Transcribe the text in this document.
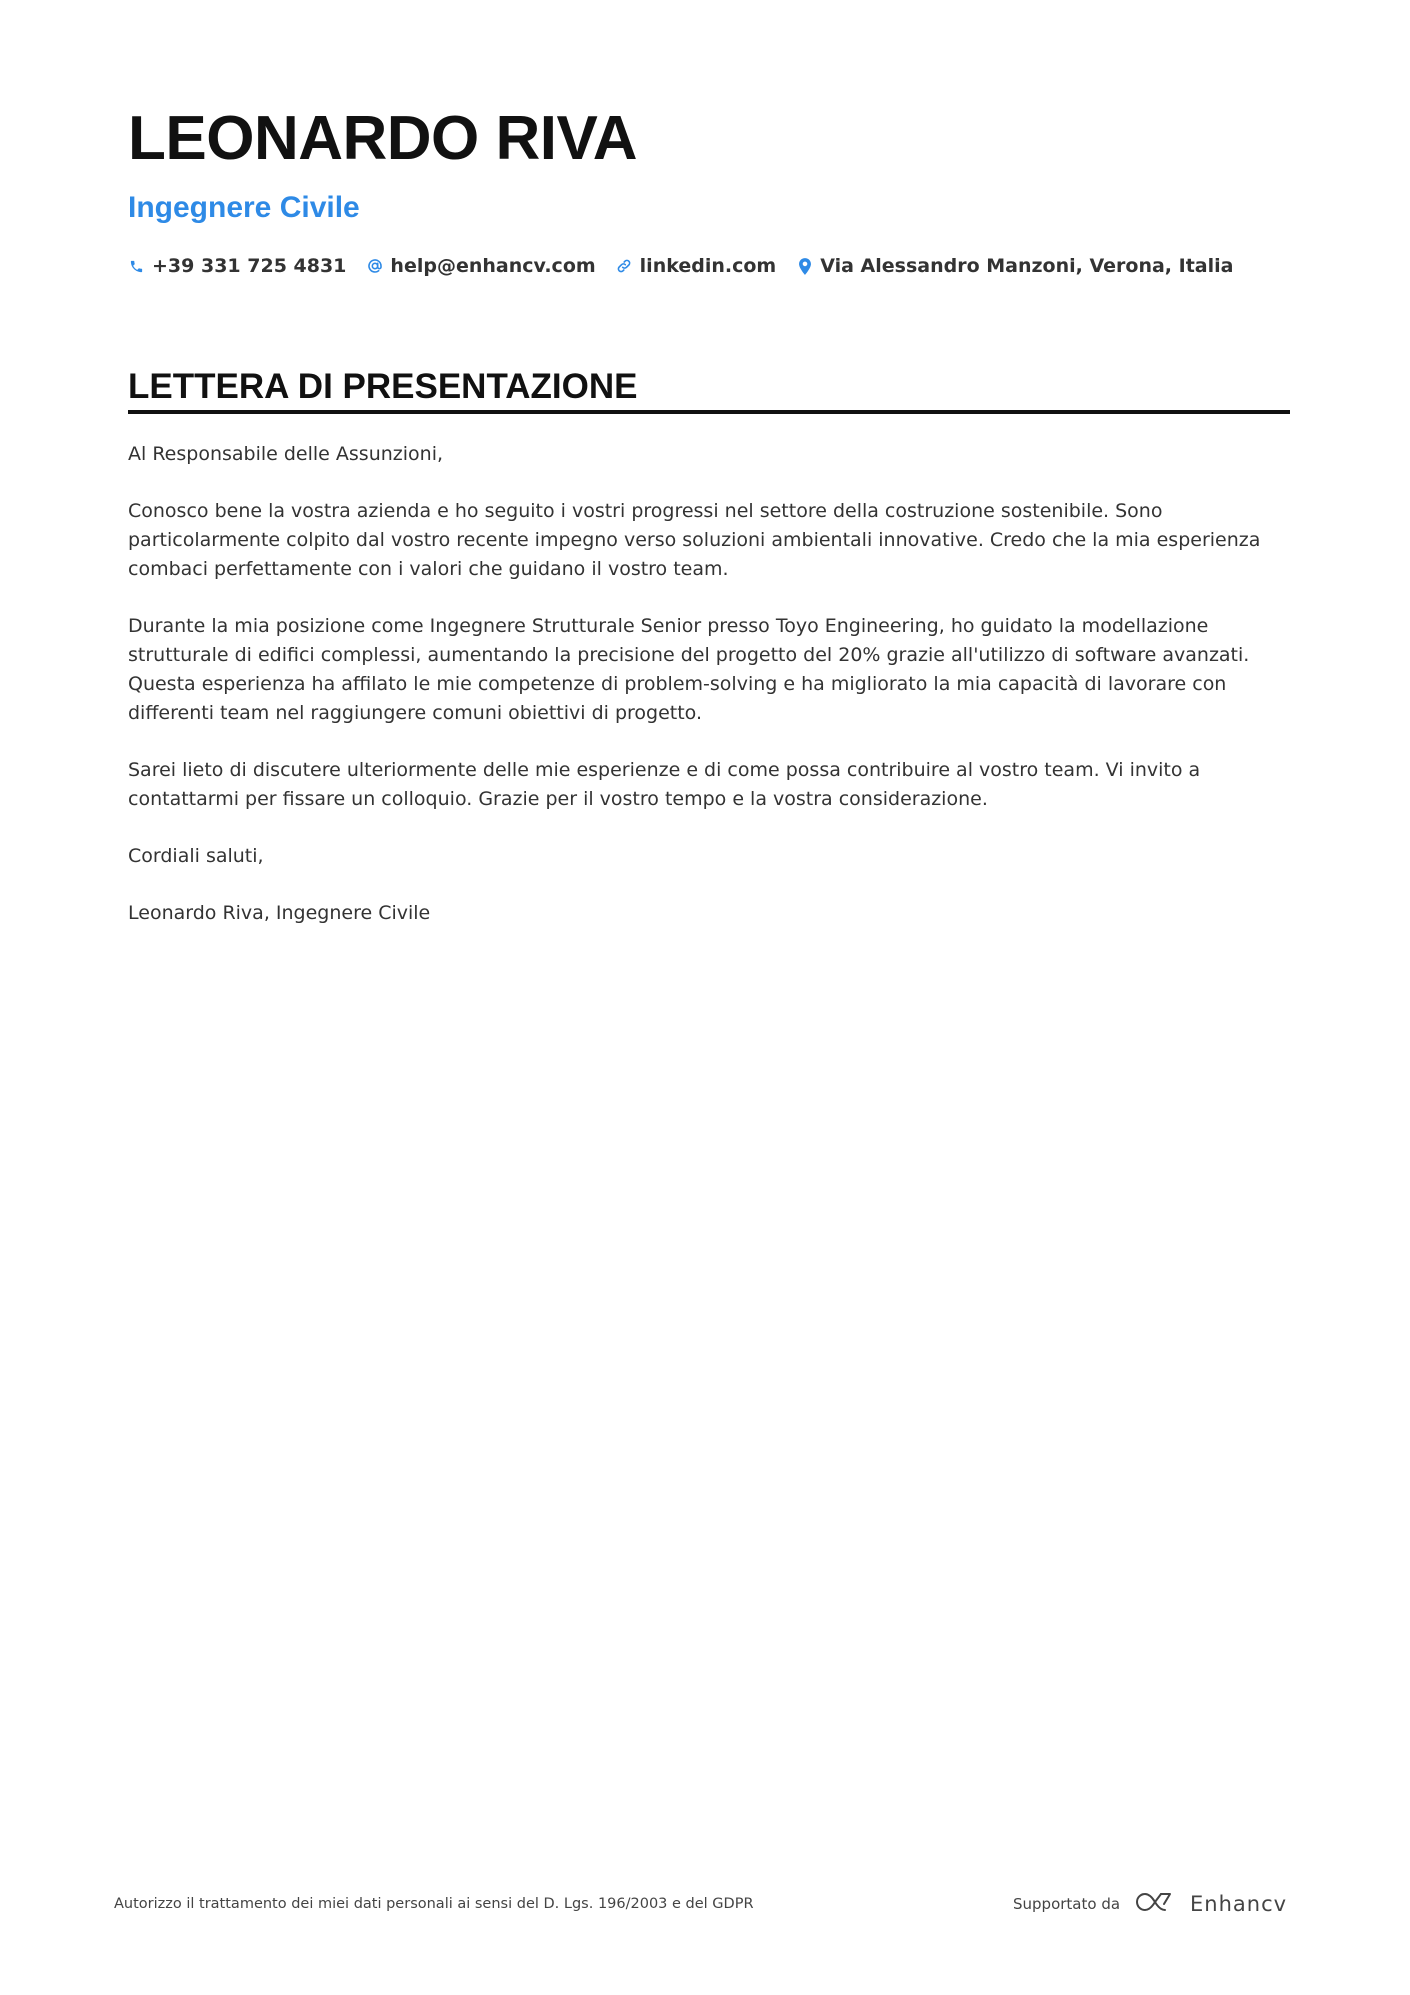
LEONARDO RIVA
Ingegnere Civile
+39 331 725 4831 help@enhancv.com linkedin.com Via Alessandro Manzoni, Verona, Italia
LETTERA DI PRESENTAZIONE

Al Responsabile delle Assunzioni,

Conosco bene la vostra azienda e ho seguito i vostri progressi nel settore della costruzione sostenibile. Sono particolarmente colpito dal vostro recente impegno verso soluzioni ambientali innovative. Credo che la mia esperienza combaci perfettamente con i valori che guidano il vostro team.

Durante la mia posizione come Ingegnere Strutturale Senior presso Toyo Engineering, ho guidato la modellazione strutturale di edifici complessi, aumentando la precisione del progetto del 20% grazie all'utilizzo di software avanzati. Questa esperienza ha affilato le mie competenze di problem-solving e ha migliorato la mia capacità di lavorare con differenti team nel raggiungere comuni obiettivi di progetto.

Sarei lieto di discutere ulteriormente delle mie esperienze e di come possa contribuire al vostro team. Vi invito a contattarmi per fissare un colloquio. Grazie per il vostro tempo e la vostra considerazione.

Cordiali saluti,

Leonardo Riva, Ingegnere Civile

Autorizzo il trattamento dei miei dati personali ai sensi del D. Lgs. 196/2003 e del GDPR	Supportato da	Enhancv
